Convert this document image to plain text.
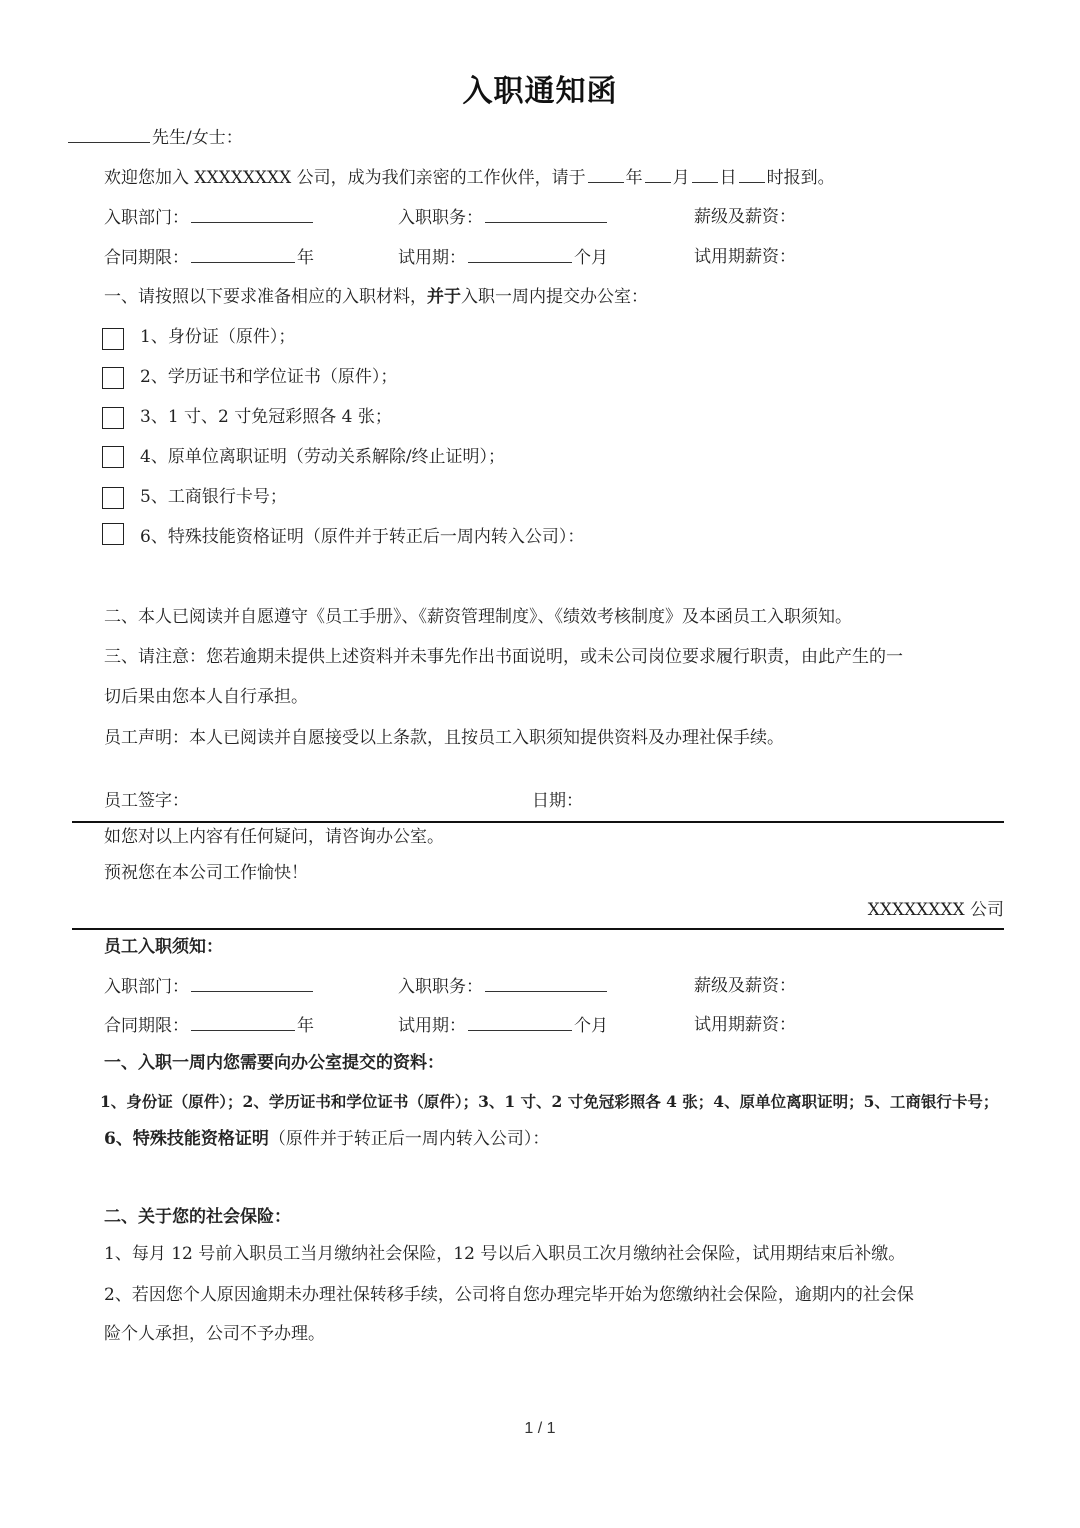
入职通知函
先生/女士：
欢迎您加入 XXXXXXXX 公司，成为我们亲密的工作伙伴，请于 年 月 日 时报到。
入职部门：	入职职务：	薪级及薪资：
合同期限：	年	试用期：	个月	试用期薪资：
一、请按照以下要求准备相应的入职材料，并于入职一周内提交办公室：
1、身份证（原件）；
2、学历证书和学位证书（原件）；
3、1 寸、2 寸免冠彩照各 4 张；
4、原单位离职证明（劳动关系解除/终止证明）；
5、工商银行卡号；
6、特殊技能资格证明（原件并于转正后一周内转入公司）：
二、本人已阅读并自愿遵守《员工手册》、《薪资管理制度》、《绩效考核制度》及本函员工入职须知。
三、请注意：您若逾期未提供上述资料并未事先作出书面说明，或未公司岗位要求履行职责，由此产生的一
切后果由您本人自行承担。
员工声明：本人已阅读并自愿接受以上条款，且按员工入职须知提供资料及办理社保手续。
员工签字：	日期：
如您对以上内容有任何疑问，请咨询办公室。
预祝您在本公司工作愉快！
XXXXXXXX 公司
员工入职须知：
入职部门：	入职职务：	薪级及薪资：
合同期限：	年	试用期：	个月	试用期薪资：
一、入职一周内您需要向办公室提交的资料：
1、身份证（原件）；2、学历证书和学位证书（原件）；3、1 寸、2 寸免冠彩照各 4 张；4、原单位离职证明；5、工商银行卡号；
6、特殊技能资格证明（原件并于转正后一周内转入公司）：
二、关于您的社会保险：
1、每月 12 号前入职员工当月缴纳社会保险，12 号以后入职员工次月缴纳社会保险，试用期结束后补缴。
2、若因您个人原因逾期未办理社保转移手续，公司将自您办理完毕开始为您缴纳社会保险，逾期内的社会保
险个人承担，公司不予办理。
1 / 1
